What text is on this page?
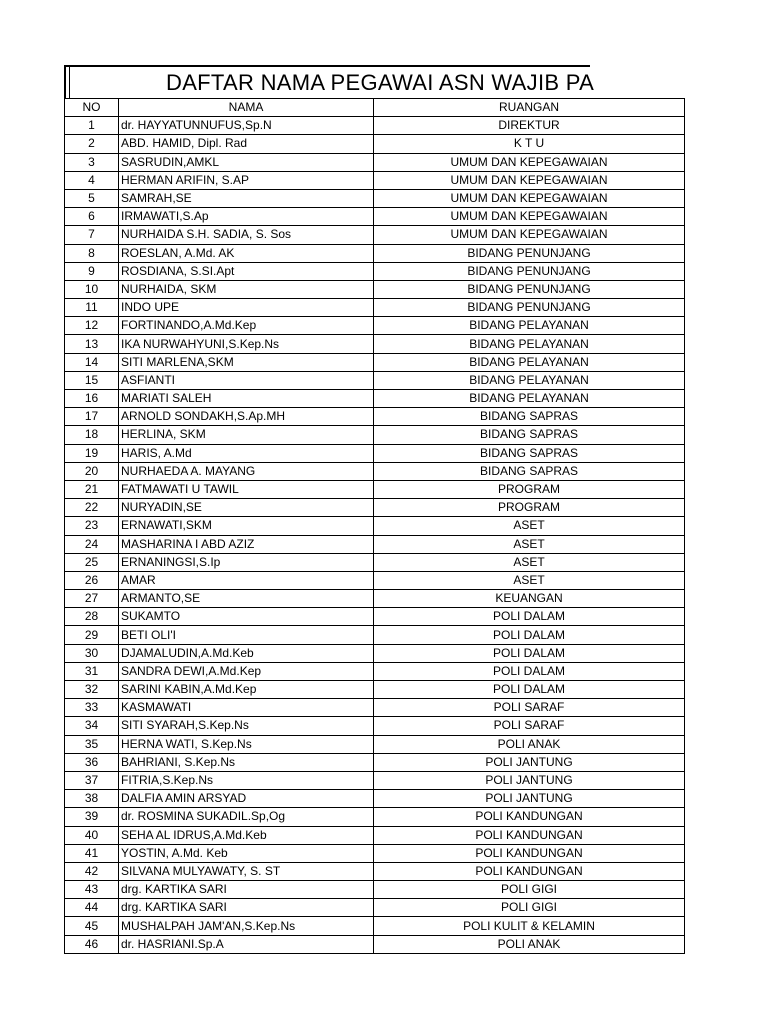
DAFTAR NAMA PEGAWAI ASN WAJIB PA
NO	NAMA	RUANGAN
1	dr. HAYYATUNNUFUS,Sp.N	DIREKTUR
2	ABD. HAMID, Dipl. Rad	K T U
3	SASRUDIN,AMKL	UMUM DAN KEPEGAWAIAN
4	HERMAN ARIFIN, S.AP	UMUM DAN KEPEGAWAIAN
5	SAMRAH,SE	UMUM DAN KEPEGAWAIAN
6	IRMAWATI,S.Ap	UMUM DAN KEPEGAWAIAN
7	NURHAIDA S.H. SADIA, S. Sos	UMUM DAN KEPEGAWAIAN
8	ROESLAN, A.Md. AK	BIDANG PENUNJANG
9	ROSDIANA, S.SI.Apt	BIDANG PENUNJANG
10	NURHAIDA, SKM	BIDANG PENUNJANG
11	INDO UPE	BIDANG PENUNJANG
12	FORTINANDO,A.Md.Kep	BIDANG PELAYANAN
13	IKA NURWAHYUNI,S.Kep.Ns	BIDANG PELAYANAN
14	SITI MARLENA,SKM	BIDANG PELAYANAN
15	ASFIANTI	BIDANG PELAYANAN
16	MARIATI SALEH	BIDANG PELAYANAN
17	ARNOLD SONDAKH,S.Ap.MH	BIDANG SAPRAS
18	HERLINA, SKM	BIDANG SAPRAS
19	HARIS, A.Md	BIDANG SAPRAS
20	NURHAEDA A. MAYANG	BIDANG SAPRAS
21	FATMAWATI U TAWIL	PROGRAM
22	NURYADIN,SE	PROGRAM
23	ERNAWATI,SKM	ASET
24	MASHARINA I ABD AZIZ	ASET
25	ERNANINGSI,S.Ip	ASET
26	AMAR	ASET
27	ARMANTO,SE	KEUANGAN
28	SUKAMTO	POLI DALAM
29	BETI OLI'I	POLI DALAM
30	DJAMALUDIN,A.Md.Keb	POLI DALAM
31	SANDRA DEWI,A.Md.Kep	POLI DALAM
32	SARINI KABIN,A.Md.Kep	POLI DALAM
33	KASMAWATI	POLI SARAF
34	SITI SYARAH,S.Kep.Ns	POLI SARAF
35	HERNA WATI, S.Kep.Ns	POLI ANAK
36	BAHRIANI, S.Kep.Ns	POLI JANTUNG
37	FITRIA,S.Kep.Ns	POLI JANTUNG
38	DALFIA AMIN ARSYAD	POLI JANTUNG
39	dr. ROSMINA SUKADIL.Sp,Og	POLI KANDUNGAN
40	SEHA AL IDRUS,A.Md.Keb	POLI KANDUNGAN
41	YOSTIN, A.Md. Keb	POLI KANDUNGAN
42	SILVANA MULYAWATY, S. ST	POLI KANDUNGAN
43	drg. KARTIKA SARI	POLI GIGI
44	drg. KARTIKA SARI	POLI GIGI
45	MUSHALPAH JAM'AN,S.Kep.Ns	POLI KULIT & KELAMIN
46	dr. HASRIANI.Sp.A	POLI ANAK
